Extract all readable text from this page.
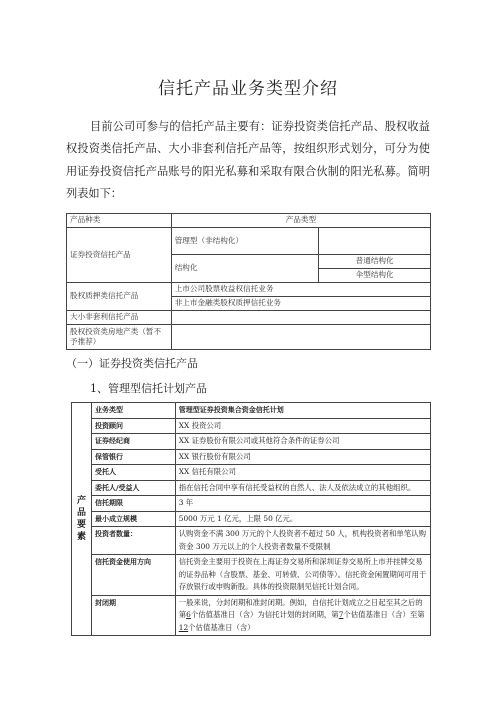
信托产品业务类型介绍
目前公司可参与的信托产品主要有：证券投资类信托产品、股权收益权投资类信托产品、大小非套利信托产品等，按组织形式划分，可分为使用证券投资信托产品账号的阳光私募和采取有限合伙制的阳光私募。简明列表如下：
产品种类	产品类型	
证券投资信托产品	管理型（非结构化）	
	结构化	普通结构化
		伞型结构化
股权质押类信托产品	上市公司股票收益权信托业务	
	非上市金融类股权质押信托业务	
大小非套利信托产品		
股权投资类房地产类（暂不予推荐）		
（一）证券投资类信托产品
1、管理型信托计划产品
产品要素	业务类型	管理型证券投资集合资金信托计划
	投资顾问	XX 投资公司
	证券经纪商	XX 证券股份有限公司或其他符合条件的证券公司
	保管银行	XX 银行股份有限公司
	受托人	XX 信托有限公司
	委托人/受益人	指在信托合同中享有信托受益权的自然人、法人及依法成立的其他组织。
	信托期限	3 年
	最小成立规模	5000 万元 1 亿元，上限 50 亿元。
	投资者数量：	认购资金不满 300 万元的个人投资者不超过 50 人，机构投资者和单笔认购资金 300 万元以上的个人投资者数量不受限制
	信托资金使用方向	信托资金主要用于投资在上海证券交易所和深圳证券交易所上市并挂牌交易的证券品种（含股票、基金、可转债、公司债等）。信托资金闲置期间可用于存放银行或申购新股。具体的投资限制见信托计划合同。
	封闭期	一般来说，分封闭期和准封闭期。例如，自信托计划成立之日起至其之后的第6个估值基准日（含）为信托计划的封闭期，第7个估值基准日（含）至第12个估值基准日（含）
